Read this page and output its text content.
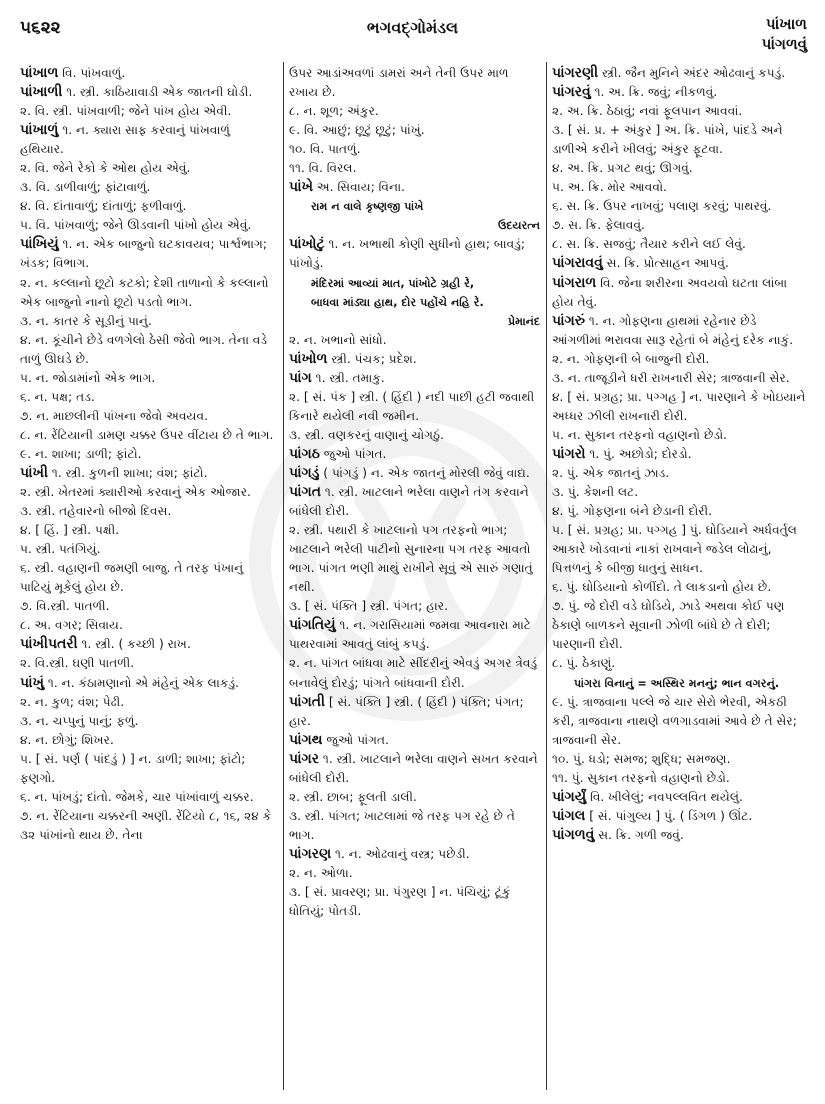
૫૬૨૨	ભગવદ્ગોમંડલ	પાંખાળ
પાંગળવું
પાંખાળ વિ. પાંખવાળું.
પાંખાળી ૧. સ્ત્રી. કાઠિયાવાડી એક જાતની ઘોડી.
૨. વિ. સ્ત્રી. પાંખવાળી; જેને પાંખ હોય એવી.
પાંખાળું ૧. ન. ક્યારા સાફ કરવાનું પાંખવાળું હથિયાર.
૨. વિ. જેને રેકો કે ઓથ હોય એવું.
૩. વિ. ડાળીવાળું; ફાંટાવાળું.
૪. વિ. દાંતાવાળું; દાંતાળું; ફળીવાળું.
૫. વિ. પાંખવાળું; જેને ઊડવાની પાંખો હોય એવું.
પાંખિયું ૧. ન. એક બાજુનો ઘટકાવયવ; પાર્શ્વભાગ; ખંડક; વિભાગ.
૨. ન. કલ્લાનો છૂટો કટકો; દેશી તાળાનો કે કલ્લાનો એક બાજુનો નાનો છૂટો પડતો ભાગ.
૩. ન. કાતર કે સૂડીનું પાનું.
૪. ન. કૂંચીને છેડે વળગેલો ઠેસી જેવો ભાગ. તેના વડે તાળું ઊઘડે છે.
૫. ન. જોડામાંનો એક ભાગ.
૬. ન. પક્ષ; તડ.
૭. ન. માછલીની પાંખના જેવો અવયવ.
૮. ન. રેંટિયાની ડામણ ચક્કર ઉપર વીંટાય છે તે ભાગ.
૯. ન. શાખા; ડાળી; ફાંટો.
પાંખી ૧. સ્ત્રી. કુળની શાખા; વંશ; ફાંટો.
૨. સ્ત્રી. ખેતરમાં ક્યારીઓ કરવાનું એક ઓજાર.
૩. સ્ત્રી. તહેવારનો બીજો દિવસ.
૪. [ હિં. ] સ્ત્રી. પક્ષી.
૫. સ્ત્રી. પતંગિયું.
૬. સ્ત્રી. વહાણની જમણી બાજુ. તે તરફ પંખાનું પાટિયું મૂકેલું હોય છે.
૭. વિ.સ્ત્રી. પાતળી.
૮. અ. વગર; સિવાય.
પાંખીપતરી ૧. સ્ત્રી. ( કચ્છી ) રાખ.
૨. વિ.સ્ત્રી. ઘણી પાતળી.
પાંખું ૧. ન. કંઠામણાનો એ મંહેનું એક લાકડું.
૨. ન. કુળ; વંશ; પેઢી.
૩. ન. ચપ્પુનું પાનું; ફળું.
૪. ન. છોગું; શિખર.
૫. [ સં. પર્ણ ( પાંદડું ) ] ન. ડાળી; શાખા; ફાંટો; ફણગો.
૬. ન. પાંખડું; દાંતો. જેમકે, ચાર પાંખાંવાળું ચક્કર.
૭. ન. રેંટિયાના ચક્કરની અણી. રેંટિયો ૮, ૧૬, ૨૪ કે ૩૨ પાંખાંનો થાય છે. તેના
ઉપર આડાંઅવળાં ડામરાં અને તેની ઉપર માળ રખાય છે.
૮. ન. શૂળ; અંકુર.
૯. વિ. આછું; છૂટું છૂટું; પાંખું.
૧૦. વિ. પાતળું.
૧૧. વિ. વિરલ.
પાંખે અ. સિવાય; વિના.
રામ ન વાલે કૃષ્ણજી પાંખે
ઉદયરત્ન
પાંખોટું ૧. ન. ખભાથી કોણી સુધીનો હાથ; બાવડું; પાંખોડું.
મંદિરમાં આવ્યાં માત, પાંખોટે ગ્રહી રે,
બાધવા માંડ્યા હાથ, દોર પહોંચે નહિ રે.
પ્રેમાનંદ
૨. ન. ખભાનો સાંધો.
પાંખોળ સ્ત્રી. પંચક; પ્રદેશ.
પાંગ ૧. સ્ત્રી. તમાકુ.
૨. [ સં. પંક ] સ્ત્રી. ( હિંદી ) નદી પાછી હટી જવાથી કિનારે થયેલી નવી જમીન.
૩. સ્ત્રી. વણકરનું વાણાનું ચોગઠું.
પાંગઠ જુઓ પાંગત.
પાંગડું ( પાંગડું ) ન. એક જાતનું મોરલી જેવું વાદ્ય.
પાંગત ૧. સ્ત્રી. ખાટલાને ભરેલા વાણને તંગ કરવાને બાંધેલી દોરી.
૨. સ્ત્રી. પથારી કે ખાટલાનો પગ તરફનો ભાગ; ખાટલાને ભરેલી પાટીનો સુનારના પગ તરફ આવતો ભાગ. પાંગત ભણી માથું રાખીને સૂવું એ સારું ગણાતું નથી.
૩. [ સં. પંક્તિ ] સ્ત્રી. પંગત; હાર.
પાંગતિયું ૧. ન. ગરાસિયામાં જમવા આવનારા માટે પાથરવામાં આવતું લાંબું કપડું.
૨. ન. પાંગત બાંધવા માટે સીંદરીનું એવડું અગર ત્રેવડું બનાવેલું દોરડું; પાંગતે બાંધવાની દોરી.
પાંગતી [ સં. પંક્તિ ] સ્ત્રી. ( હિંદી ) પંક્તિ; પંગત; હાર.
પાંગથ જુઓ પાંગત.
પાંગર ૧. સ્ત્રી. ખાટલાને ભરેલા વાણને સખત કરવાને બાંધેલી દોરી.
૨. સ્ત્રી. છાબ; ફૂલતી ડાલી.
૩. સ્ત્રી. પાંગત; ખાટલામાં જે તરફ પગ રહે છે તે ભાગ.
પાંગરણ ૧. ન. ઓઢવાનું વસ્ત્ર; પછેડી.
૨. ન. ઓળા.
૩. [ સં. પ્રાવરણ; પ્રા. પંગુરણ ] ન. પંચિયું; ટૂંકું ધોતિયું; પોતડી.
પાંગરણી સ્ત્રી. જૈન મુનિને અંદર ઓઢવાનું કપડું.
પાંગરવું ૧. અ. ક્રિ. જવું; નીકળવું.
૨. અ. ક્રિ. ઠેઠાવું; નવાં ફૂલપાન આવવાં.
૩. [ સં. પ્ર. + અંકુર ] અ. ક્રિ. પાંખે, પાંદડે અને ડાળીએ કરીને ખીલવું; અંકુર ફૂટવા.
૪. અ. ક્રિ. પ્રગટ થવું; ઊગવું.
૫. અ. ક્રિ. મોર આવવો.
૬. સ. ક્રિ. ઉપર નાખવું; પલાણ કરવું; પાથરવું.
૭. સ. ક્રિ. ફેલાવવું.
૮. સ. ક્રિ. સજવું; તૈયાર કરીને લઈ લેવું.
પાંગરાવવું સ. ક્રિ. પ્રોત્સાહન આપવું.
પાંગરાળ વિ. જેના શરીરના અવયવો ઘટતા લાંબા હોય તેવું.
પાંગરું ૧. ન. ગોફણના હાથમાં રહેનાર છેડે આંગળીમાં ભરાવવા સારૂ રહેતાં બે મંહેનું દરેક નાકું.
૨. ન. ગોફણની બે બાજુની દોરી.
૩. ન. તાજૂડીને ધરી રાખનારી સેર; ત્રાજવાની સેર.
૪. [ સં. પ્રગ્રહ; પ્રા. પગ્ગહ ] ન. પારણાને કે ખોઇયાને અધ્ધર ઝીલી રાખનારી દોરી.
૫. ન. સુકાન તરફનો વહાણનો છેડો.
પાંગરો ૧. પું. અછોડો; દોરડો.
૨. પું. એક જાતનું ઝાડ.
૩. પું. કેશની લટ.
૪. પું. ગોફણના બંને છેડાની દોરી.
૫. [ સં. પ્રગ્રહ; પ્રા. પગ્ગહ ] પું. ઘોડિયાને અર્ધવર્તુલ આકારે ખોડવાનાં નાકાં રાખવાને જડેલ લોઢાનું, પિત્તળનું કે બીજી ધાતુનું સાધન.
૬. પું. ઘોડિયાનો કોળીંદો. તે લાકડાનો હોય છે.
૭. પું. જે દોરી વડે ઘોડિયે, ઝાડે અથવા કોઈ પણ ઠેકાણે બાળકને સૂવાની ઝોળી બાંધે છે તે દોરી; પારણાની દોરી.
૮. પું. ઠેકાણું.
પાંગરા વિનાનું = અસ્થિર મનનું; ભાન વગરનું.
૯. પું. ત્રાજવાના પલ્લે જે ચાર સેરો ભેરવી, એકઠી કરી, ત્રાજવાના નાથણે વળગાડવામાં આવે છે તે સેર; ત્રાજવાની સેર.
૧૦. પું. ધડો; સમજ; શુદ્ધિ; સમજણ.
૧૧. પું. સુકાન તરફનો વહાણનો છેડો.
પાંગર્યું વિ. ખીલેલું; નવપલ્લવિત થયેલું.
પાંગલ [ સં. પાંગુલ્ય ] પું. ( ડિંગળ ) ઊંટ.
પાંગળવું સ. ક્રિ. ગળી જવું.
